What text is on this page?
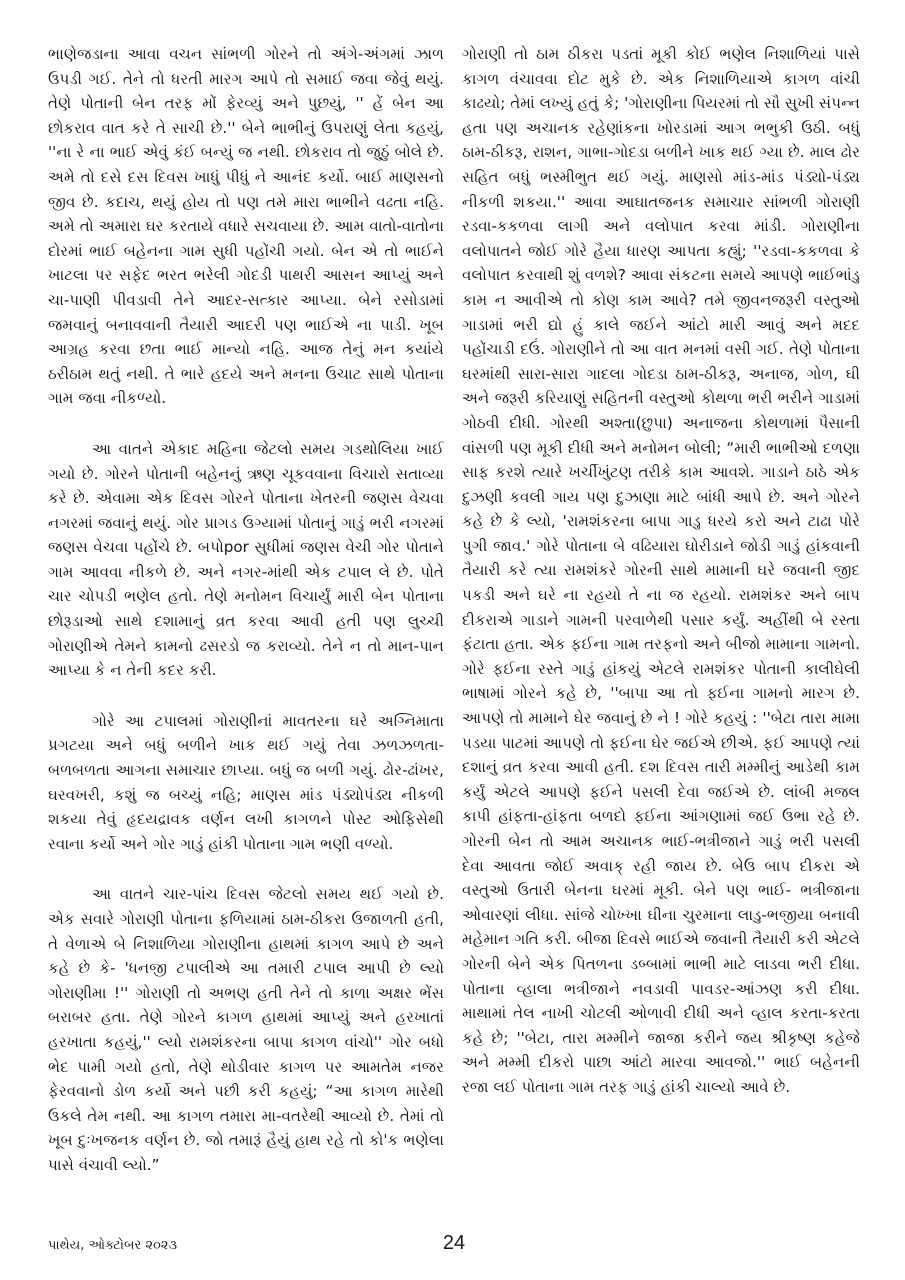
ભાણેજડાના આવા વચન સાંભળી ગોરને તો અંગે-અંગમાં ઝાળ ઉપડી ગઈ. તેને તો ધરતી મારગ આપે તો સમાઈ જવા જેવું થયું. તેણે પોતાની બેન તરફ મોં ફેરવ્યું અને પુછયું, '' હેં બેન આ છોકરાવ વાત કરે તે સાચી છે.'' બેને ભાભીનું ઉપરાણું લેતા કહયું, ''ના રે ના ભાઈ એવું કંઈ બન્યું જ નથી. છોકરાવ તો જુઠું બોલે છે. અમે તો દસે દસ દિવસ ખાધું પીધું ને આનંદ કર્યો. બાઈ માણસનો જીવ છે. કદાચ, થયું હોય તો પણ તમે મારા ભાભીને વઢતા નહિ. અમે તો અમારા ઘર કરતાયે વધારે સચવાયા છે. આમ વાતો-વાતોના દોરમાં ભાઈ બહેનના ગામ સુધી પહોંચી ગયો. બેન એ તો ભાઈને ખાટલા પર સફેદ ભરત ભરેલી ગોદડી પાથરી આસન આપ્યું અને ચા-પાણી પીવડાવી તેને આદર-સત્કાર આપ્યા. બેને રસોડામાં જમવાનું બનાવવાની તૈયારી આદરી પણ ભાઈએ ના પાડી. ખૂબ આગ્રહ કરવા છતા ભાઈ માન્યો નહિ. આજ તેનું મન કયાંયે ઠરીઠામ થતું નથી. તે ભારે હદયે અને મનના ઉચાટ સાથે પોતાના ગામ જવા નીકળ્યો.

આ વાતને એકાદ મહિના જેટલો સમય ગડથોલિયા ખાઈ ગયો છે. ગોરને પોતાની બહેનનું ઋણ ચૂકવવાના વિચારો સતાવ્યા કરે છે. એવામા એક દિવસ ગોરને પોતાના ખેતરની જણસ વેચવા નગરમાં જવાનું થયું. ગોર પ્રાગડ ઉગ્યામાં પોતાનું ગાડું ભરી નગરમાં જણસ વેચવા પહોંચે છે. બપોpor સુધીમાં જણસ વેચી ગોર પોતાને ગામ આવવા નીકળે છે. અને નગર-માંથી એક ટપાલ લે છે. પોતે ચાર ચોપડી ભણેલ હતો. તેણે મનોમન વિચાર્યું મારી બેન પોતાના છોરૂડાઓ સાથે દશામાનું વ્રત કરવા આવી હતી પણ લુચ્ચી ગોરાણીએ તેમને કામનો ઢસરડો જ કરાવ્યો. તેને ન તો માન-પાન આપ્યા કે ન તેની કદર કરી.

ગોરે આ ટપાલમાં ગોરાણીનાં માવતરના ઘરે અગ્નિમાતા પ્રગટયા અને બધું બળીને ખાક થઈ ગયું તેવા ઝળઝળતા-બળબળતા આગના સમાચાર છાપ્યા. બધું જ બળી ગયું. ઢોર-ઢાંખર, ઘરવખરી, કશું જ બચ્યું નહિ; માણસ માંડ પંડ્યોપંડ્ય નીકળી શકયા તેવું હૃદયદ્રાવક વર્ણન લખી કાગળને પોસ્ટ ઓફિસેથી રવાના કર્યો અને ગોર ગાડું હાંકી પોતાના ગામ ભણી વળ્યો.

આ વાતને ચાર-પાંચ દિવસ જેટલો સમય થઈ ગયો છે. એક સવારે ગોરાણી પોતાના ફળિયામાં ઠામ-ઠીકરા ઉજાળતી હતી, તે વેળાએ બે નિશાળિયા ગોરાણીના હાથમાં કાગળ આપે છે અને કહે છે કે- 'ધનજી ટપાલીએ આ તમારી ટપાલ આપી છે લ્યો ગોરાણીમા !'' ગોરાણી તો અભણ હતી તેને તો કાળા અક્ષર ભેંસ બરાબર હતા. તેણે ગોરને કાગળ હાથમાં આપ્યું અને હરખાતાં હરખાતા કહયું,'' લ્યો રામશંકરના બાપા કાગળ વાંચો'' ગોર બધો ભેદ પામી ગયો હતો, તેણે થોડીવાર કાગળ પર આમતેમ નજર ફેરવવાનો ડોળ કર્યો અને પછી કરી કહયું; “આ કાગળ મારેથી ઉકલે તેમ નથી. આ કાગળ તમારા મા-વતરેથી આવ્યો છે. તેમાં તો ખૂબ દુઃખજનક વર્ણન છે. જો તમારૂં હૈયું હાથ રહે તો કો'ક ભણેલા પાસે વંચાવી લ્યો.”

ગોરાણી તો ઠામ ઠીકરા પડતાં મૂકી કોઈ ભણેલ નિશાળિયાં પાસે કાગળ વંચાવવા દોટ મુકે છે. એક નિશાળિયાએ કાગળ વાંચી કાઢયો; તેમાં લખ્યું હતું કે; 'ગોરાણીના પિયરમાં તો સૌ સુખી સંપન્ન હતા પણ અચાનક રહેણાંકના ખોરડામાં આગ ભભુકી ઉઠી. બધું ઠામ-ઠીકરૂ, રાશન, ગાભા-ગોદડા બળીને ખાક થઈ ગ્યા છે. માલ ઢોર સહિત બધું ભસ્મીભુત થઈ ગયું. માણસો માંડ-માંડ પંડ્યો-પંડ્ય નીકળી શકયા.'' આવા આઘાતજનક સમાચાર સાંભળી ગોરાણી રડવા-કકળવા લાગી અને વલોપાત કરવા માંડી. ગોરાણીના વલોપાતને જોઈ ગોરે હૈયા ધારણ આપતા કહ્યું; ''રડવા-કકળવા કે વલોપાત કરવાથી શું વળશે? આવા સંકટના સમયે આપણે ભાઈભાંડુ કામ ન આવીએ તો કોણ કામ આવે? તમે જીવનજરૂરી વસ્તુઓ ગાડામાં ભરી દ્યો હું કાલે જઈને આંટો મારી આવું અને મદદ પહોંચાડી દઉં. ગોરાણીને તો આ વાત મનમાં વસી ગઈ. તેણે પોતાના ઘરમાંથી સારા-સારા ગાદલા ગોદડા ઠામ-ઠીકરૂ, અનાજ, ગોળ, ઘી અને જરૂરી કરિયાણું સહિતની વસ્તુઓ કોથળા ભરી ભરીને ગાડામાં ગોઠવી દીધી. ગોરથી અશ્તા(છુપા) અનાજના કોથળામાં પૈસાની વાંસળી પણ મૂકી દીધી અને મનોમન બોલી; “મારી ભાભીઓ દળણા સાફ કરશે ત્યારે ખર્ચીખુંટણ તરીકે કામ આવશે. ગાડાને ઠાઠે એક દુઝણી કવલી ગાય પણ દુઝાણા માટે બાંધી આપે છે. અને ગોરને કહે છે કે લ્યો, 'રામશંકરના બાપા ગાડુ ધરયે કરો અને ટાઢા પોરે પુગી જાવ.' ગોરે પોતાના બે વઢિયારા ઘોરીડાને જોડી ગાડું હાંકવાની તૈયારી કરે ત્યા રામશંકરે ગોરની સાથે મામાની ઘરે જવાની જીદ પકડી અને ઘરે ના રહયો તે ના જ રહયો. રામશંકર અને બાપ દીકરાએ ગાડાને ગામની પરવાળેથી પસાર કર્યું. અહીંથી બે રસ્તા ફંટાતા હતા. એક ફઈના ગામ તરફનો અને બીજો મામાના ગામનો. ગોરે ફઈના રસ્તે ગાડું હાંકયું એટલે રામશંકર પોતાની કાલીઘેલી ભાષામાં ગોરને કહે છે, ''બાપા આ તો ફઈના ગામનો મારગ છે. આપણે તો મામાને ઘેર જવાનું છે ને ! ગોરે કહયું : ''બેટા તારા મામા પડયા પાટમાં આપણે તો ફઈના ઘેર જઈએ છીએ. ફઈ આપણે ત્યાં દશાનું વ્રત કરવા આવી હતી. દશ દિવસ તારી મમ્મીનું આડેથી કામ કર્યું એટલે આપણે ફઈને પસલી દેવા જઈએ છે. લાંબી મજલ કાપી હાંફતા-હાંફતા બળદો ફઈના આંગણામાં જઈ ઉભા રહે છે. ગોરની બેન તો આમ અચાનક ભાઈ-ભત્રીજાને ગાડું ભરી પસલી દેવા આવતા જોઈ અવાક્ રહી જાય છે. બેઉ બાપ દીકરા એ વસ્તુઓ ઉતારી બેનના ઘરમાં મૂકી. બેને પણ ભાઈ- ભત્રીજાના ઓવારણાં લીધા. સાંજે ચોખ્ખા ઘીના ચુરમાના લાડુ-ભજીયા બનાવી મહેમાન ગતિ કરી. બીજા દિવસે ભાઈએ જવાની તૈયારી કરી એટલે ગોરની બેને એક પિતળના ડબ્બામાં ભાભી માટે લાડવા ભરી દીધા. પોતાના વ્હાલા ભત્રીજાને નવડાવી પાવડર-આંઝણ કરી દીધા. માથામાં તેલ નાખી ચોટલી ઓળાવી દીધી અને વ્હાલ કરતા-કરતા કહે છે; ''બેટા, તારા મમ્મીને જાજા કરીને જય શ્રીકૃષ્ણ કહેજે અને મમ્મી દીકરો પાછા આંટો મારવા આવજો.'' ભાઈ બહેનની રજા લઈ પોતાના ગામ તરફ ગાડું હાંકી ચાલ્યો આવે છે.

પાથેય, ઓક્ટોબર ૨૦૨૩	24
